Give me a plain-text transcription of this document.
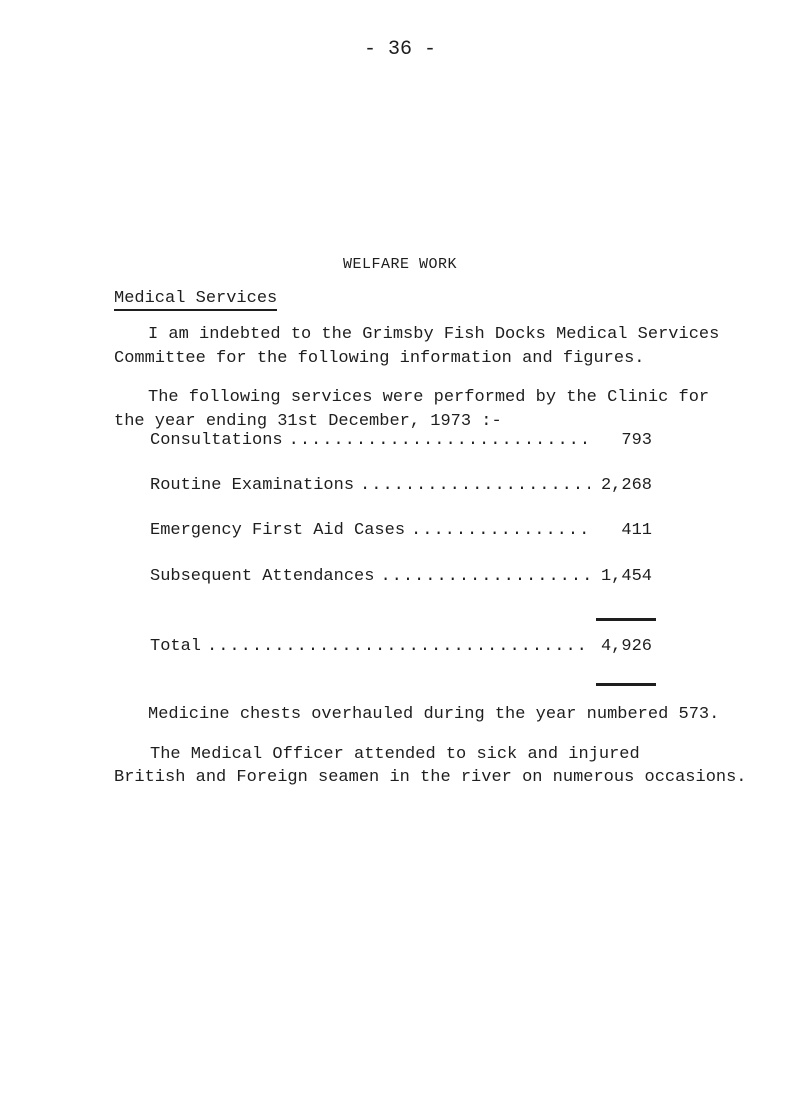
- 36 -
WELFARE WORK
Medical Services
I am indebted to the Grimsby Fish Docks Medical Services
Committee for the following information and figures.
The following services were performed by the Clinic for
the year ending 31st December, 1973 :-
Consultations .....	793
Routine Examinations .....	2,268
Emergency First Aid Cases .....	411
Subsequent Attendances .....	1,454
Total .....	4,926
Medicine chests overhauled during the year numbered 573.
The Medical Officer attended to sick and injured
British and Foreign seamen in the river on numerous occasions.
